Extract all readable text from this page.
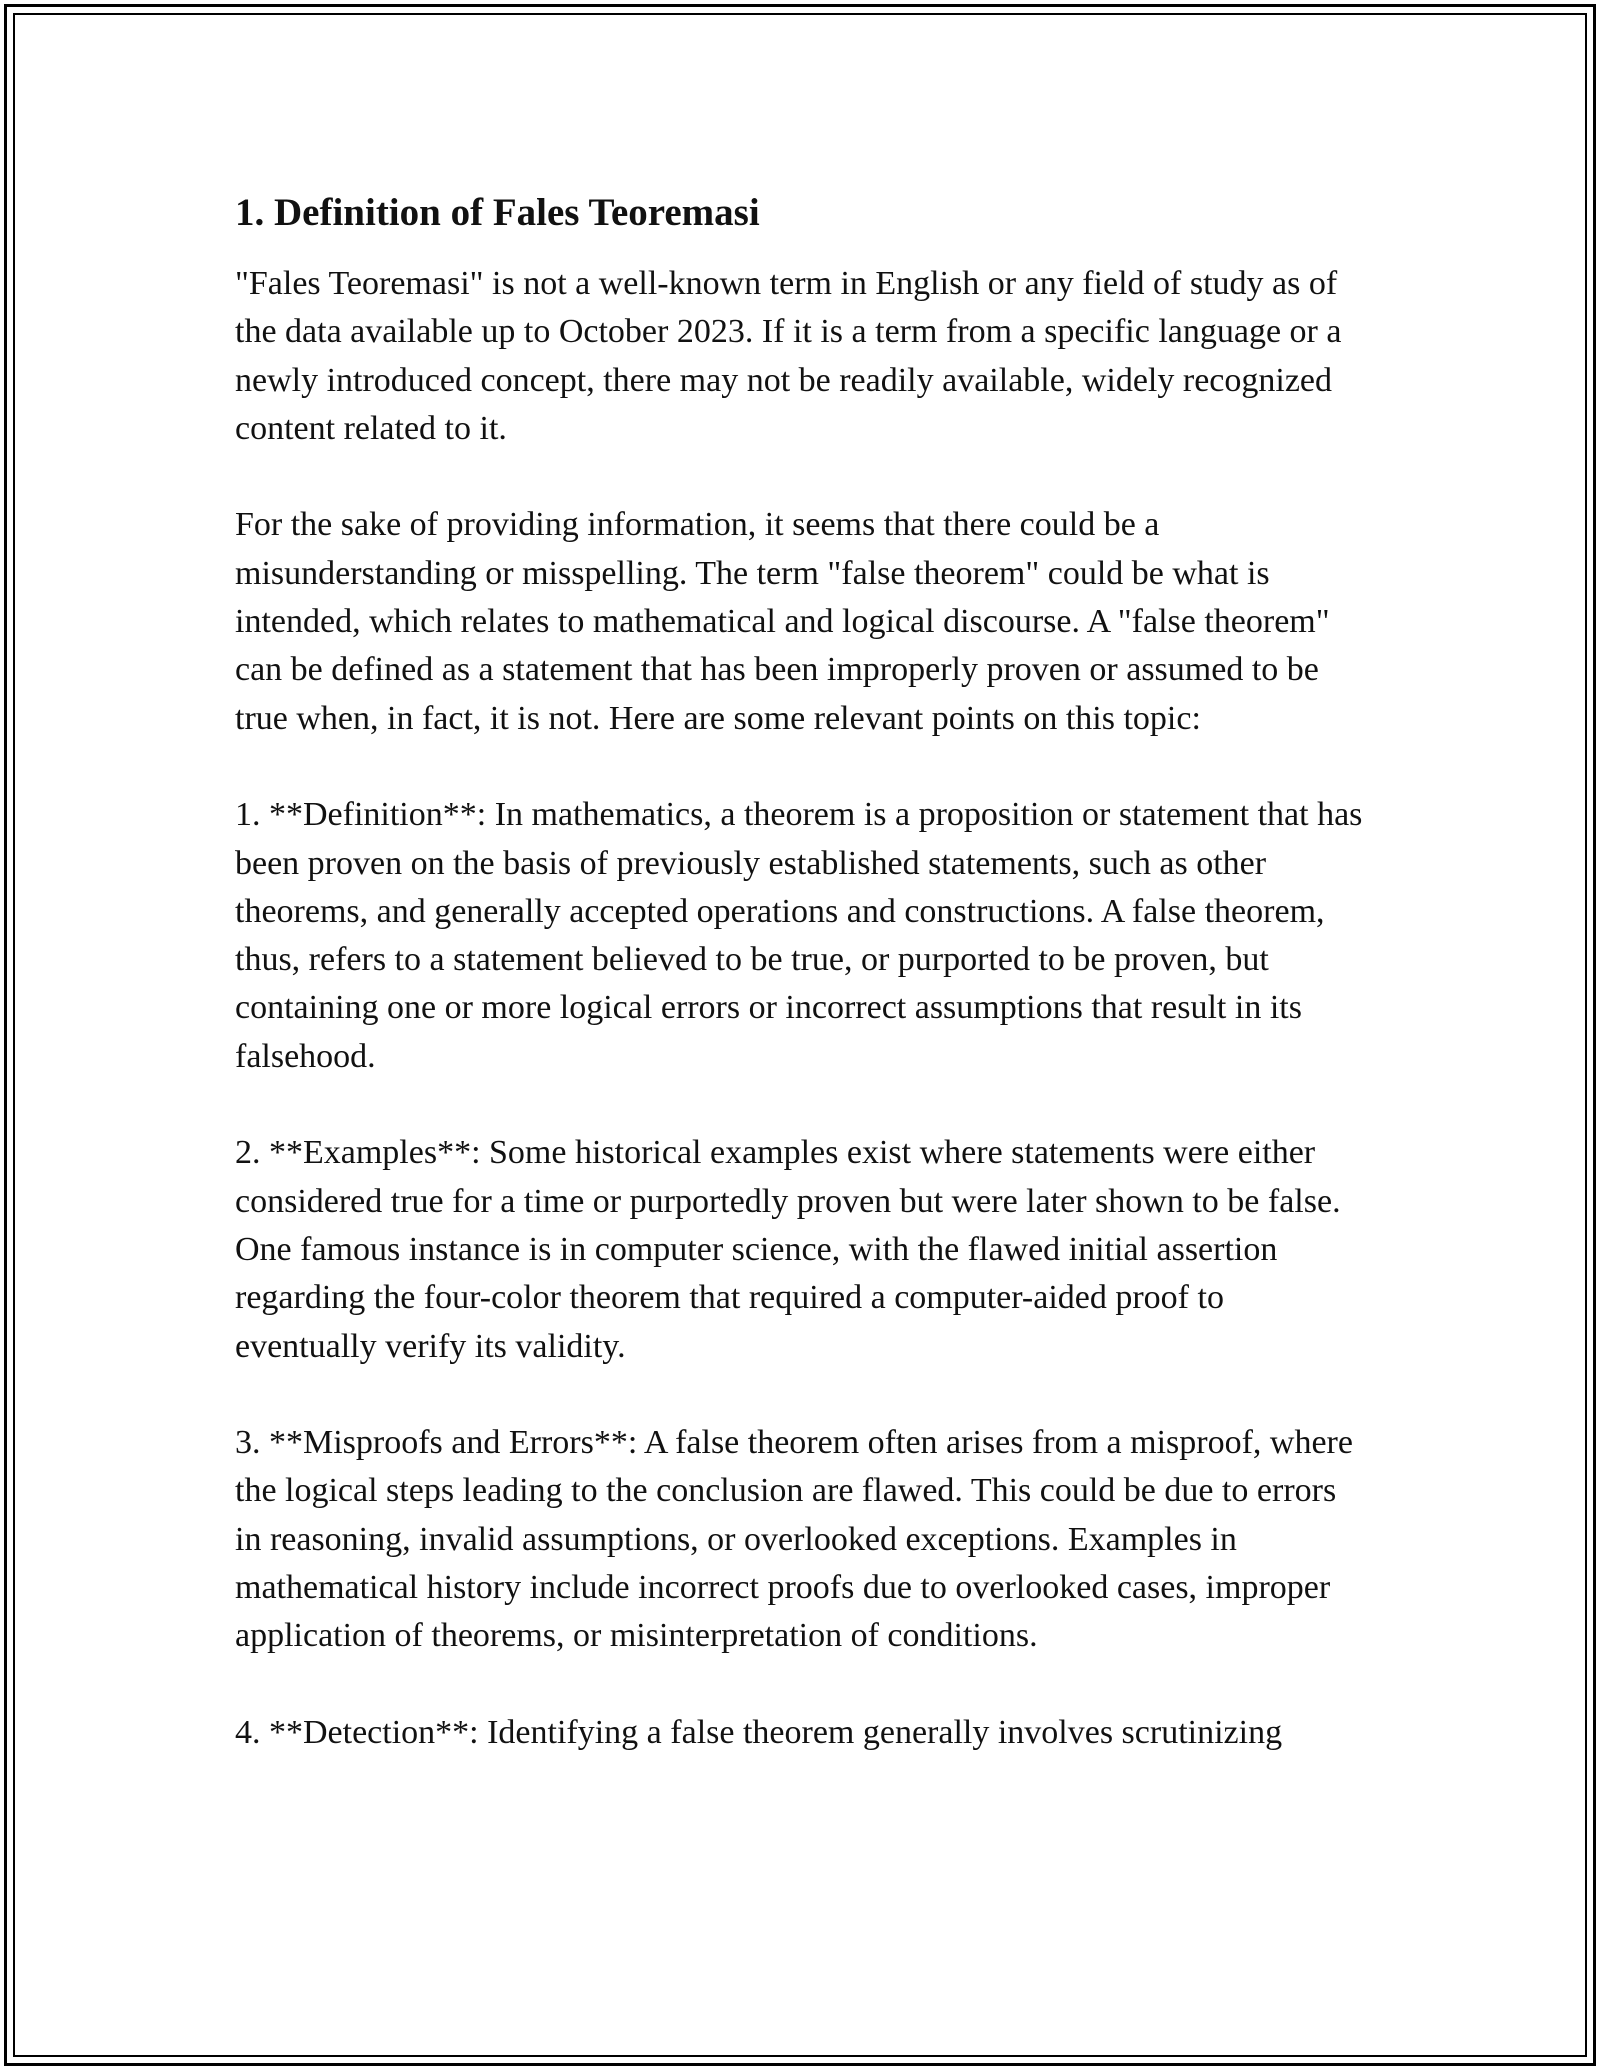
1. Definition of Fales Teoremasi

"Fales Teoremasi" is not a well-known term in English or any field of study as of the data available up to October 2023. If it is a term from a specific language or a newly introduced concept, there may not be readily available, widely recognized content related to it.

For the sake of providing information, it seems that there could be a misunderstanding or misspelling. The term "false theorem" could be what is intended, which relates to mathematical and logical discourse. A "false theorem" can be defined as a statement that has been improperly proven or assumed to be true when, in fact, it is not. Here are some relevant points on this topic:

1. **Definition**: In mathematics, a theorem is a proposition or statement that has been proven on the basis of previously established statements, such as other theorems, and generally accepted operations and constructions. A false theorem, thus, refers to a statement believed to be true, or purported to be proven, but containing one or more logical errors or incorrect assumptions that result in its falsehood.

2. **Examples**: Some historical examples exist where statements were either considered true for a time or purportedly proven but were later shown to be false. One famous instance is in computer science, with the flawed initial assertion regarding the four-color theorem that required a computer-aided proof to eventually verify its validity.

3. **Misproofs and Errors**: A false theorem often arises from a misproof, where the logical steps leading to the conclusion are flawed. This could be due to errors in reasoning, invalid assumptions, or overlooked exceptions. Examples in mathematical history include incorrect proofs due to overlooked cases, improper application of theorems, or misinterpretation of conditions.

4. **Detection**: Identifying a false theorem generally involves scrutinizing
